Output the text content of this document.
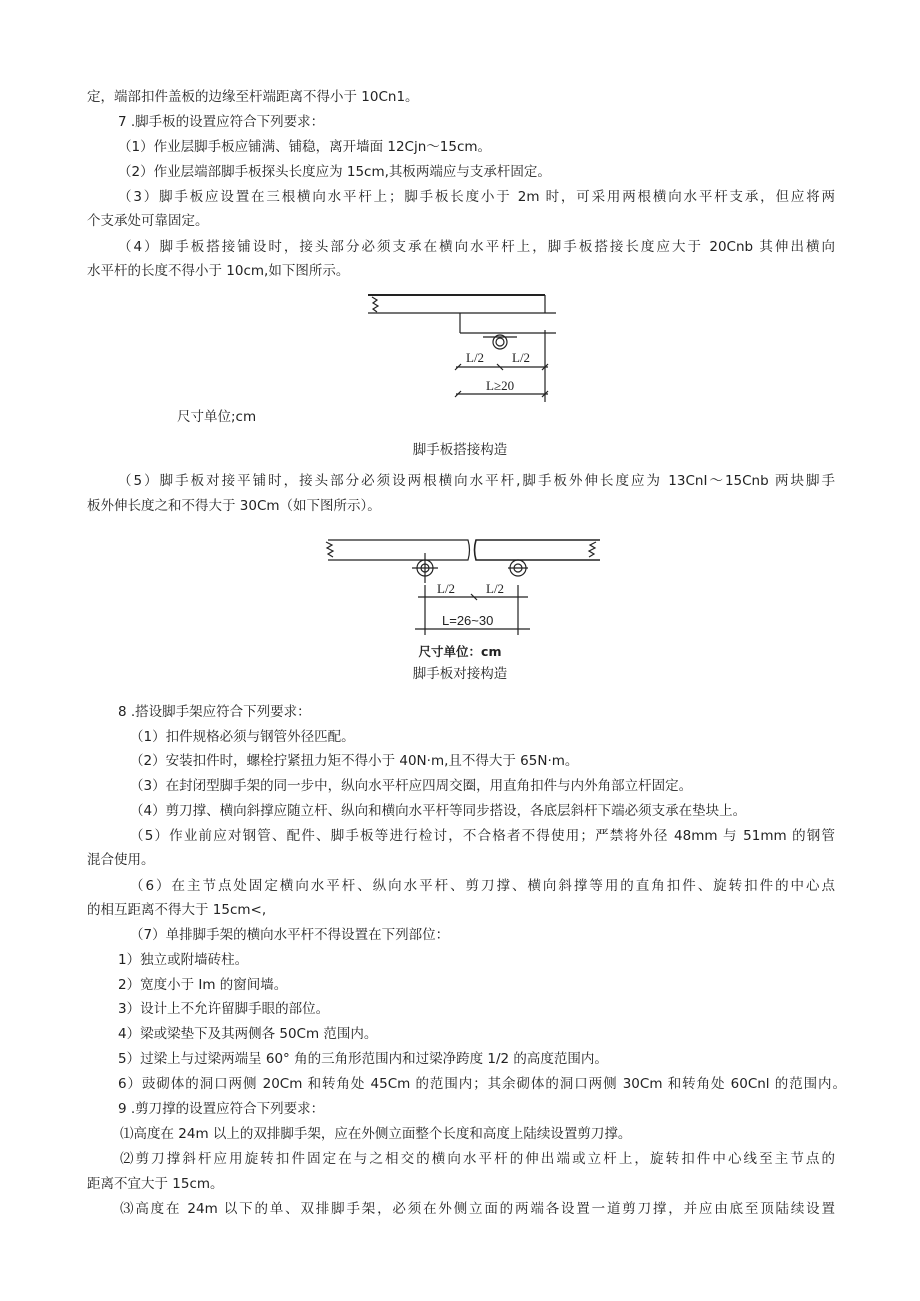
定，端部扣件盖板的边缘至杆端距离不得小于 10Cn1。
7 .脚手板的设置应符合下列要求：
（1）作业层脚手板应铺满、铺稳，离开墙面 12Cjn～15cm。
（2）作业层端部脚手板探头长度应为 15cm,其板两端应与支承杆固定。
（3）脚手板应设置在三根横向水平杆上；脚手板长度小于 2m 时，可采用两根横向水平杆支承，但应将两
个支承处可靠固定。
（4）脚手板搭接铺设时，接头部分必须支承在横向水平杆上，脚手板搭接长度应大于 20Cnb 其伸出横向
水平杆的长度不得小于 10cm,如下图所示。
L/2 L/2
L≥20
L/2 L/2
L=26~30
尺寸单位;cm
脚手板搭接构造
（5）脚手板对接平铺时，接头部分必须设两根横向水平杆,脚手板外伸长度应为 13CnI～15Cnb 两块脚手
板外伸长度之和不得大于 30Cm（如下图所示）。
尺寸单位：cm
脚手板对接构造
8 .搭设脚手架应符合下列要求：
（1）扣件规格必须与钢管外径匹配。
（2）安装扣件时，螺栓拧紧扭力矩不得小于 40N·m,且不得大于 65N·m。
（3）在封闭型脚手架的同一步中，纵向水平杆应四周交圈，用直角扣件与内外角部立杆固定。
（4）剪刀撑、横向斜撑应随立杆、纵向和横向水平杆等同步搭设，各底层斜杆下端必须支承在垫块上。
（5）作业前应对钢管、配件、脚手板等进行检讨，不合格者不得使用；严禁将外径 48mm 与 51mm 的钢管
混合使用。
（6）在主节点处固定横向水平杆、纵向水平杆、剪刀撑、横向斜撑等用的直角扣件、旋转扣件的中心点
的相互距离不得大于 15cm<,
（7）单排脚手架的横向水平杆不得设置在下列部位：
1）独立或附墙砖柱。
2）宽度小于 Im 的窗间墙。
3）设计上不允许留脚手眼的部位。
4）梁或梁垫下及其两侧各 50Cm 范围内。
5）过梁上与过梁两端呈 60° 角的三角形范围内和过梁净跨度 1/2 的高度范围内。
6）豉砌体的洞口两侧 20Cm 和转角处 45Cm 的范围内；其余砌体的洞口两侧 30Cm 和转角处 60Cnl 的范围内。
9 .剪刀撑的设置应符合下列要求：
⑴高度在 24m 以上的双排脚手架，应在外侧立面整个长度和高度上陆续设置剪刀撑。
⑵剪刀撑斜杆应用旋转扣件固定在与之相交的横向水平杆的伸出端或立杆上，旋转扣件中心线至主节点的
距离不宜大于 15cm。
⑶高度在 24m 以下的单、双排脚手架，必须在外侧立面的两端各设置一道剪刀撑，并应由底至顶陆续设置
